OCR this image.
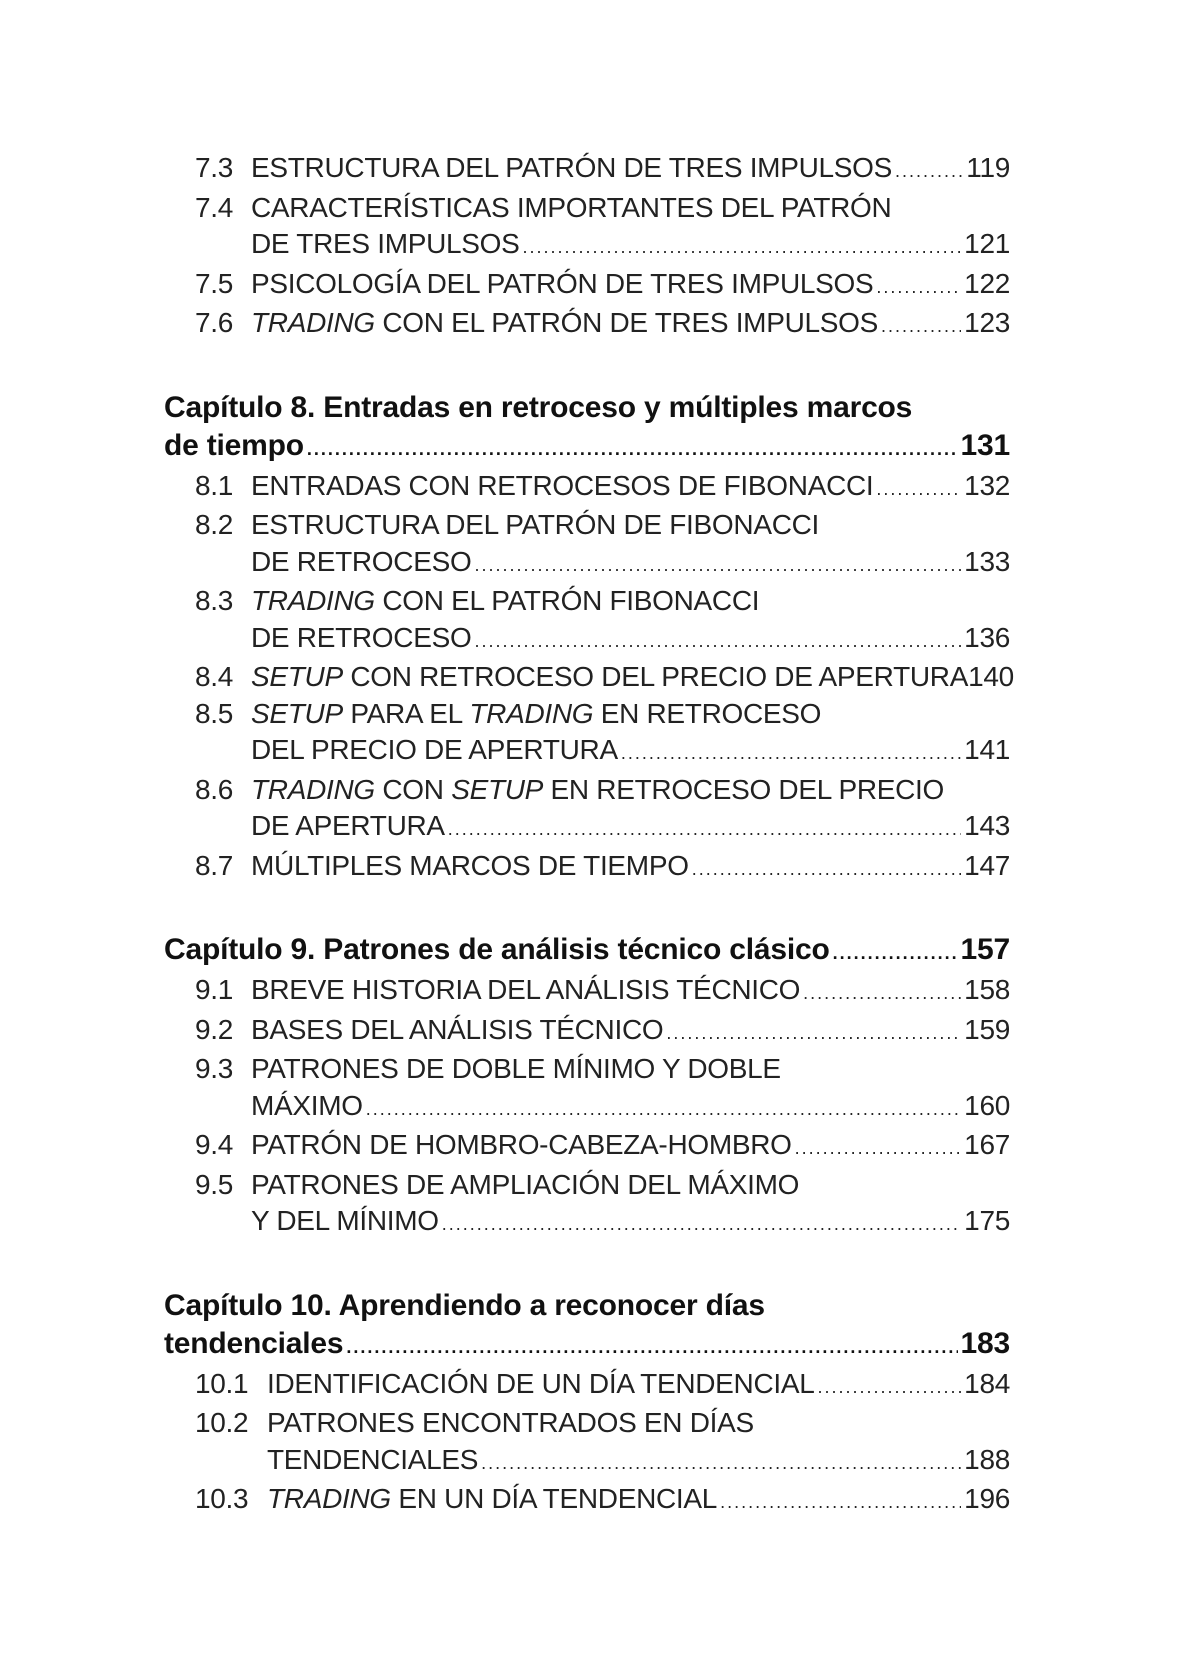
7.3 ESTRUCTURA DEL PATRÓN DE TRES IMPULSOS .....	119
7.4 CARACTERÍSTICAS IMPORTANTES DEL PATRÓN
DE TRES IMPULSOS .....	121
7.5 PSICOLOGÍA DEL PATRÓN DE TRES IMPULSOS .....	122
7.6 TRADING CON EL PATRÓN DE TRES IMPULSOS .....	123
Capítulo 8. Entradas en retroceso y múltiples marcos
de tiempo .....	131
8.1 ENTRADAS CON RETROCESOS DE FIBONACCI .....	132
8.2 ESTRUCTURA DEL PATRÓN DE FIBONACCI
DE RETROCESO .....	133
8.3 TRADING CON EL PATRÓN FIBONACCI
DE RETROCESO .....	136
8.4 SETUP CON RETROCESO DEL PRECIO DE APERTURA 140
8.5 SETUP PARA EL TRADING EN RETROCESO
DEL PRECIO DE APERTURA .....	141
8.6 TRADING CON SETUP EN RETROCESO DEL PRECIO
DE APERTURA .....	143
8.7 MÚLTIPLES MARCOS DE TIEMPO .....	147
Capítulo 9. Patrones de análisis técnico clásico .....	157
9.1 BREVE HISTORIA DEL ANÁLISIS TÉCNICO .....	158
9.2 BASES DEL ANÁLISIS TÉCNICO .....	159
9.3 PATRONES DE DOBLE MÍNIMO Y DOBLE
MÁXIMO .....	160
9.4 PATRÓN DE HOMBRO-CABEZA-HOMBRO .....	167
9.5 PATRONES DE AMPLIACIÓN DEL MÁXIMO
Y DEL MÍNIMO .....	175
Capítulo 10. Aprendiendo a reconocer días
tendenciales .....	183
10.1 IDENTIFICACIÓN DE UN DÍA TENDENCIAL .....	184
10.2 PATRONES ENCONTRADOS EN DÍAS
TENDENCIALES .....	188
10.3 TRADING EN UN DÍA TENDENCIAL .....	196
